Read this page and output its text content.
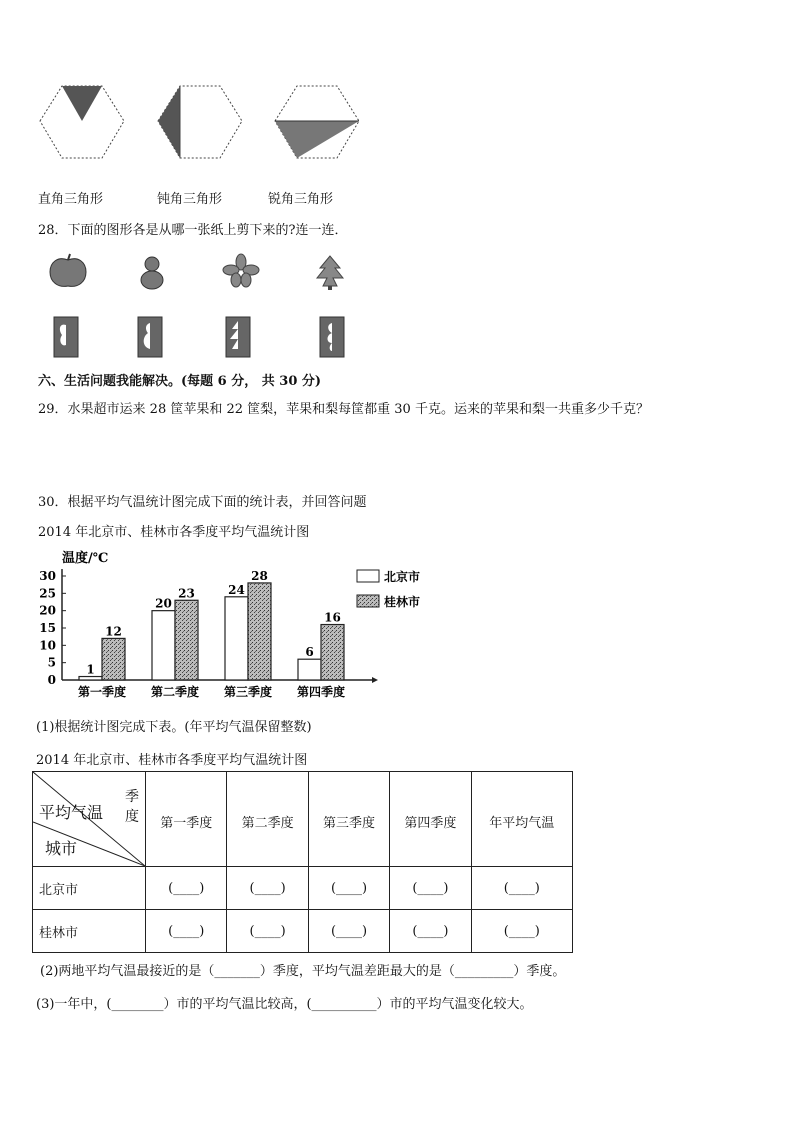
直角三角形	钝角三角形	锐角三角形
28．下面的图形各是从哪一张纸上剪下来的?连一连．
六、生活问题我能解决。(每题 6 分， 共 30 分)
29．水果超市运来 28 筐苹果和 22 筐梨，苹果和梨每筐都重 30 千克。运来的苹果和梨一共重多少千克？
30．根据平均气温统计图完成下面的统计表，并回答问题
2014 年北京市、桂林市各季度平均气温统计图
温度/℃
0
5
10
15
20
25
30
1
12
第一季度
20
23
第二季度
24
28
第三季度
6
16
第四季度
北京市
桂林市
(1)根据统计图完成下表。(年平均气温保留整数)
2014 年北京市、桂林市各季度平均气温统计图
季度
平均气温
城市	第一季度	第二季度	第三季度	第四季度	年平均气温
北京市	(____)	(____)	(____)	(____)	(____)
桂林市	(____)	(____)	(____)	(____)	(____)
(2)两地平均气温最接近的是（_______）季度，平均气温差距最大的是（_________）季度。
(3)一年中，(________）市的平均气温比较高，(__________）市的平均气温变化较大。
